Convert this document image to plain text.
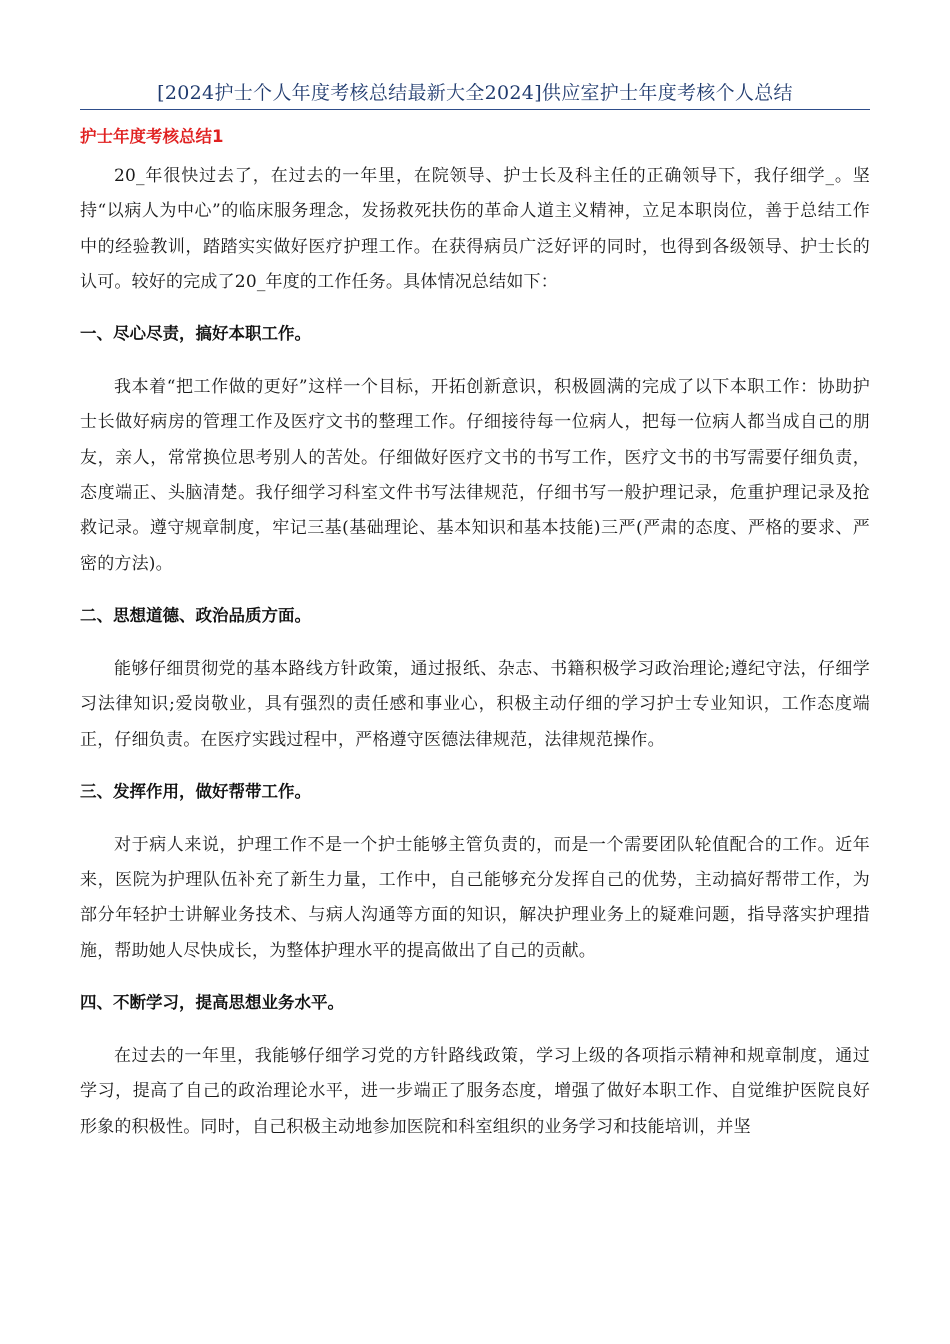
[2024护士个人年度考核总结最新大全2024]供应室护士年度考核个人总结
护士年度考核总结1

20_年很快过去了，在过去的一年里，在院领导、护士长及科主任的正确领导下，我仔细学_。坚持“以病人为中心”的临床服务理念，发扬救死扶伤的革命人道主义精神，立足本职岗位，善于总结工作中的经验教训，踏踏实实做好医疗护理工作。在获得病员广泛好评的同时，也得到各级领导、护士长的认可。较好的完成了20_年度的工作任务。具体情况总结如下：

一、尽心尽责，搞好本职工作。

我本着“把工作做的更好”这样一个目标，开拓创新意识，积极圆满的完成了以下本职工作：协助护士长做好病房的管理工作及医疗文书的整理工作。仔细接待每一位病人，把每一位病人都当成自己的朋友，亲人，常常换位思考别人的苦处。仔细做好医疗文书的书写工作，医疗文书的书写需要仔细负责，态度端正、头脑清楚。我仔细学习科室文件书写法律规范，仔细书写一般护理记录，危重护理记录及抢救记录。遵守规章制度，牢记三基(基础理论、基本知识和基本技能)三严(严肃的态度、严格的要求、严密的方法)。

二、思想道德、政治品质方面。

能够仔细贯彻党的基本路线方针政策，通过报纸、杂志、书籍积极学习政治理论;遵纪守法，仔细学习法律知识;爱岗敬业，具有强烈的责任感和事业心，积极主动仔细的学习护士专业知识，工作态度端正，仔细负责。在医疗实践过程中，严格遵守医德法律规范，法律规范操作。

三、发挥作用，做好帮带工作。

对于病人来说，护理工作不是一个护士能够主管负责的，而是一个需要团队轮值配合的工作。近年来，医院为护理队伍补充了新生力量，工作中，自己能够充分发挥自己的优势，主动搞好帮带工作，为部分年轻护士讲解业务技术、与病人沟通等方面的知识，解决护理业务上的疑难问题，指导落实护理措施，帮助她人尽快成长，为整体护理水平的提高做出了自己的贡献。

四、不断学习，提高思想业务水平。

在过去的一年里，我能够仔细学习党的方针路线政策，学习上级的各项指示精神和规章制度，通过学习，提高了自己的政治理论水平，进一步端正了服务态度，增强了做好本职工作、自觉维护医院良好形象的积极性。同时，自己积极主动地参加医院和科室组织的业务学习和技能培训，并坚
